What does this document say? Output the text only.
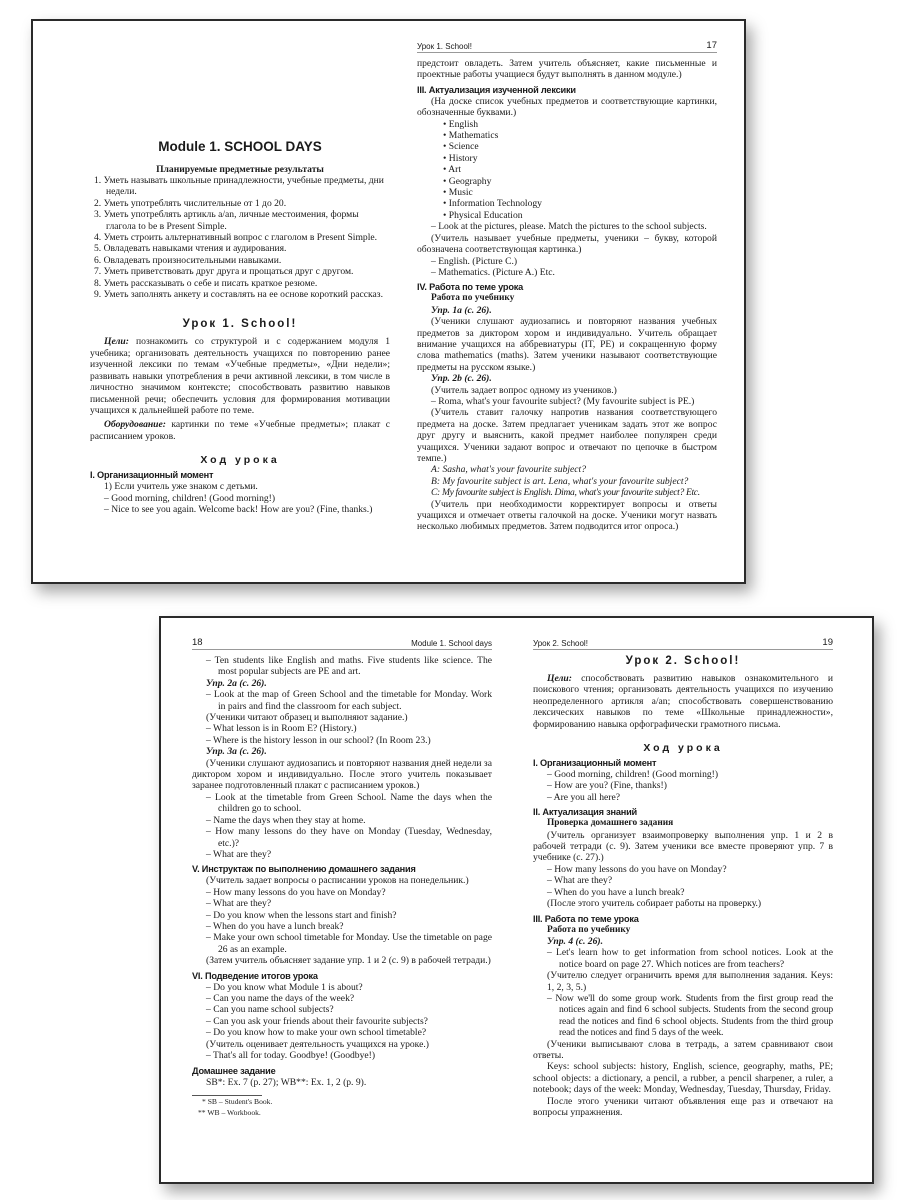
Module 1. SCHOOL DAYS

Планируемые предметные результаты

1. Уметь называть школьные принадлежности, учебные предметы, дни недели.
2. Уметь употреблять числительные от 1 до 20.
3. Уметь употреблять артикль a/an, личные местоимения, формы глагола to be в Present Simple.
4. Уметь строить альтернативный вопрос с глаголом в Present Simple.
5. Овладевать навыками чтения и аудирования.
6. Овладевать произносительными навыками.
7. Уметь приветствовать друг друга и прощаться друг с другом.
8. Уметь рассказывать о себе и писать краткое резюме.
9. Уметь заполнять анкету и составлять на ее основе короткий рассказ.

Урок 1. School!

Цели: познакомить со структурой и с содержанием модуля 1 учебника; организовать деятельность учащихся по повторению ранее изученной лексики по темам «Учебные предметы», «Дни недели»; развивать навыки употребления в речи активной лексики, в том числе в личностно значимом контексте; способствовать развитию навыков письменной речи; обеспечить условия для формирования мотивации учащихся к дальнейшей работе по теме.

Оборудование: картинки по теме «Учебные предметы»; плакат с расписанием уроков.

Ход урока

I. Организационный момент

1) Если учитель уже знаком с детьми.

– Good morning, children! (Good morning!)

– Nice to see you again. Welcome back! How are you? (Fine, thanks.)

Урок 1. School!	17

предстоит овладеть. Затем учитель объясняет, какие письменные и проектные работы учащиеся будут выполнять в данном модуле.)

III. Актуализация изученной лексики

(На доске список учебных предметов и соответствующие картинки, обозначенные буквами.)

• English

• Mathematics

• Science

• History

• Art

• Geography

• Music

• Information Technology

• Physical Education

– Look at the pictures, please. Match the pictures to the school subjects.

(Учитель называет учебные предметы, ученики – букву, которой обозначена соответствующая картинка.)

– English. (Picture C.)

– Mathematics. (Picture A.) Etc.

IV. Работа по теме урока

Работа по учебнику

Упр. 1a (с. 26).

(Ученики слушают аудиозапись и повторяют названия учебных предметов за диктором хором и индивидуально. Учитель обращает внимание учащихся на аббревиатуры (IT, PE) и сокращенную форму слова mathematics (maths). Затем ученики называют соответствующие предметы на русском языке.)

Упр. 2b (с. 26).

(Учитель задает вопрос одному из учеников.)

– Roma, what's your favourite subject? (My favourite subject is PE.)

(Учитель ставит галочку напротив названия соответствующего предмета на доске. Затем предлагает ученикам задать этот же вопрос друг другу и выяснить, какой предмет наиболее популярен среди учащихся. Ученики задают вопрос и отвечают по цепочке в быстром темпе.)

A: Sasha, what's your favourite subject?

B: My favourite subject is art. Lena, what's your favourite subject?

C: My favourite subject is English. Dima, what's your favourite subject? Etc.

(Учитель при необходимости корректирует вопросы и ответы учащихся и отмечает ответы галочкой на доске. Ученики могут назвать несколько любимых предметов. Затем подводится итог опроса.)

18	Module 1. School days

– Ten students like English and maths. Five students like science. The most popular subjects are PE and art.

Упр. 2a (с. 26).

– Look at the map of Green School and the timetable for Monday. Work in pairs and find the classroom for each subject.

(Ученики читают образец и выполняют задание.)

– What lesson is in Room E? (History.)

– Where is the history lesson in our school? (In Room 23.)

Упр. 3a (с. 26).

(Ученики слушают аудиозапись и повторяют названия дней недели за диктором хором и индивидуально. После этого учитель показывает заранее подготовленный плакат с расписанием уроков.)

– Look at the timetable from Green School. Name the days when the children go to school.

– Name the days when they stay at home.

– How many lessons do they have on Monday (Tuesday, Wednesday, etc.)?

– What are they?

V. Инструктаж по выполнению домашнего задания

(Учитель задает вопросы о расписании уроков на понедельник.)

– How many lessons do you have on Monday?

– What are they?

– Do you know when the lessons start and finish?

– When do you have a lunch break?

– Make your own school timetable for Monday. Use the timetable on page 26 as an example.

(Затем учитель объясняет задание упр. 1 и 2 (с. 9) в рабочей тетради.)

VI. Подведение итогов урока

– Do you know what Module 1 is about?

– Can you name the days of the week?

– Can you name school subjects?

– Can you ask your friends about their favourite subjects?

– Do you know how to make your own school timetable?

(Учитель оценивает деятельность учащихся на уроке.)

– That's all for today. Goodbye! (Goodbye!)

Домашнее задание

SB*: Ex. 7 (p. 27); WB**: Ex. 1, 2 (p. 9).

* SB – Student's Book.

** WB – Workbook.

Урок 2. School!	19

Урок 2. School!

Цели: способствовать развитию навыков ознакомительного и поискового чтения; организовать деятельность учащихся по изучению неопределенного артикля a/an; способствовать совершенствованию лексических навыков по теме «Школьные принадлежности», формированию навыка орфографически грамотного письма.

Ход урока

I. Организационный момент

– Good morning, children! (Good morning!)

– How are you? (Fine, thanks!)

– Are you all here?

II. Актуализация знаний

Проверка домашнего задания

(Учитель организует взаимопроверку выполнения упр. 1 и 2 в рабочей тетради (с. 9). Затем ученики все вместе проверяют упр. 7 в учебнике (с. 27).)

– How many lessons do you have on Monday?

– What are they?

– When do you have a lunch break?

(После этого учитель собирает работы на проверку.)

III. Работа по теме урока

Работа по учебнику

Упр. 4 (с. 26).

– Let's learn how to get information from school notices. Look at the notice board on page 27. Which notices are from teachers?

(Учителю следует ограничить время для выполнения задания. Keys: 1, 2, 3, 5.)

– Now we'll do some group work. Students from the first group read the notices again and find 6 school subjects. Students from the second group read the notices and find 6 school objects. Students from the third group read the notices and find 5 days of the week.

(Ученики выписывают слова в тетрадь, а затем сравнивают свои ответы.

Keys: school subjects: history, English, science, geography, maths, PE; school objects: a dictionary, a pencil, a rubber, a pencil sharpener, a ruler, a notebook; days of the week: Monday, Wednesday, Tuesday, Thursday, Friday.

После этого ученики читают объявления еще раз и отвечают на вопросы упражнения.
